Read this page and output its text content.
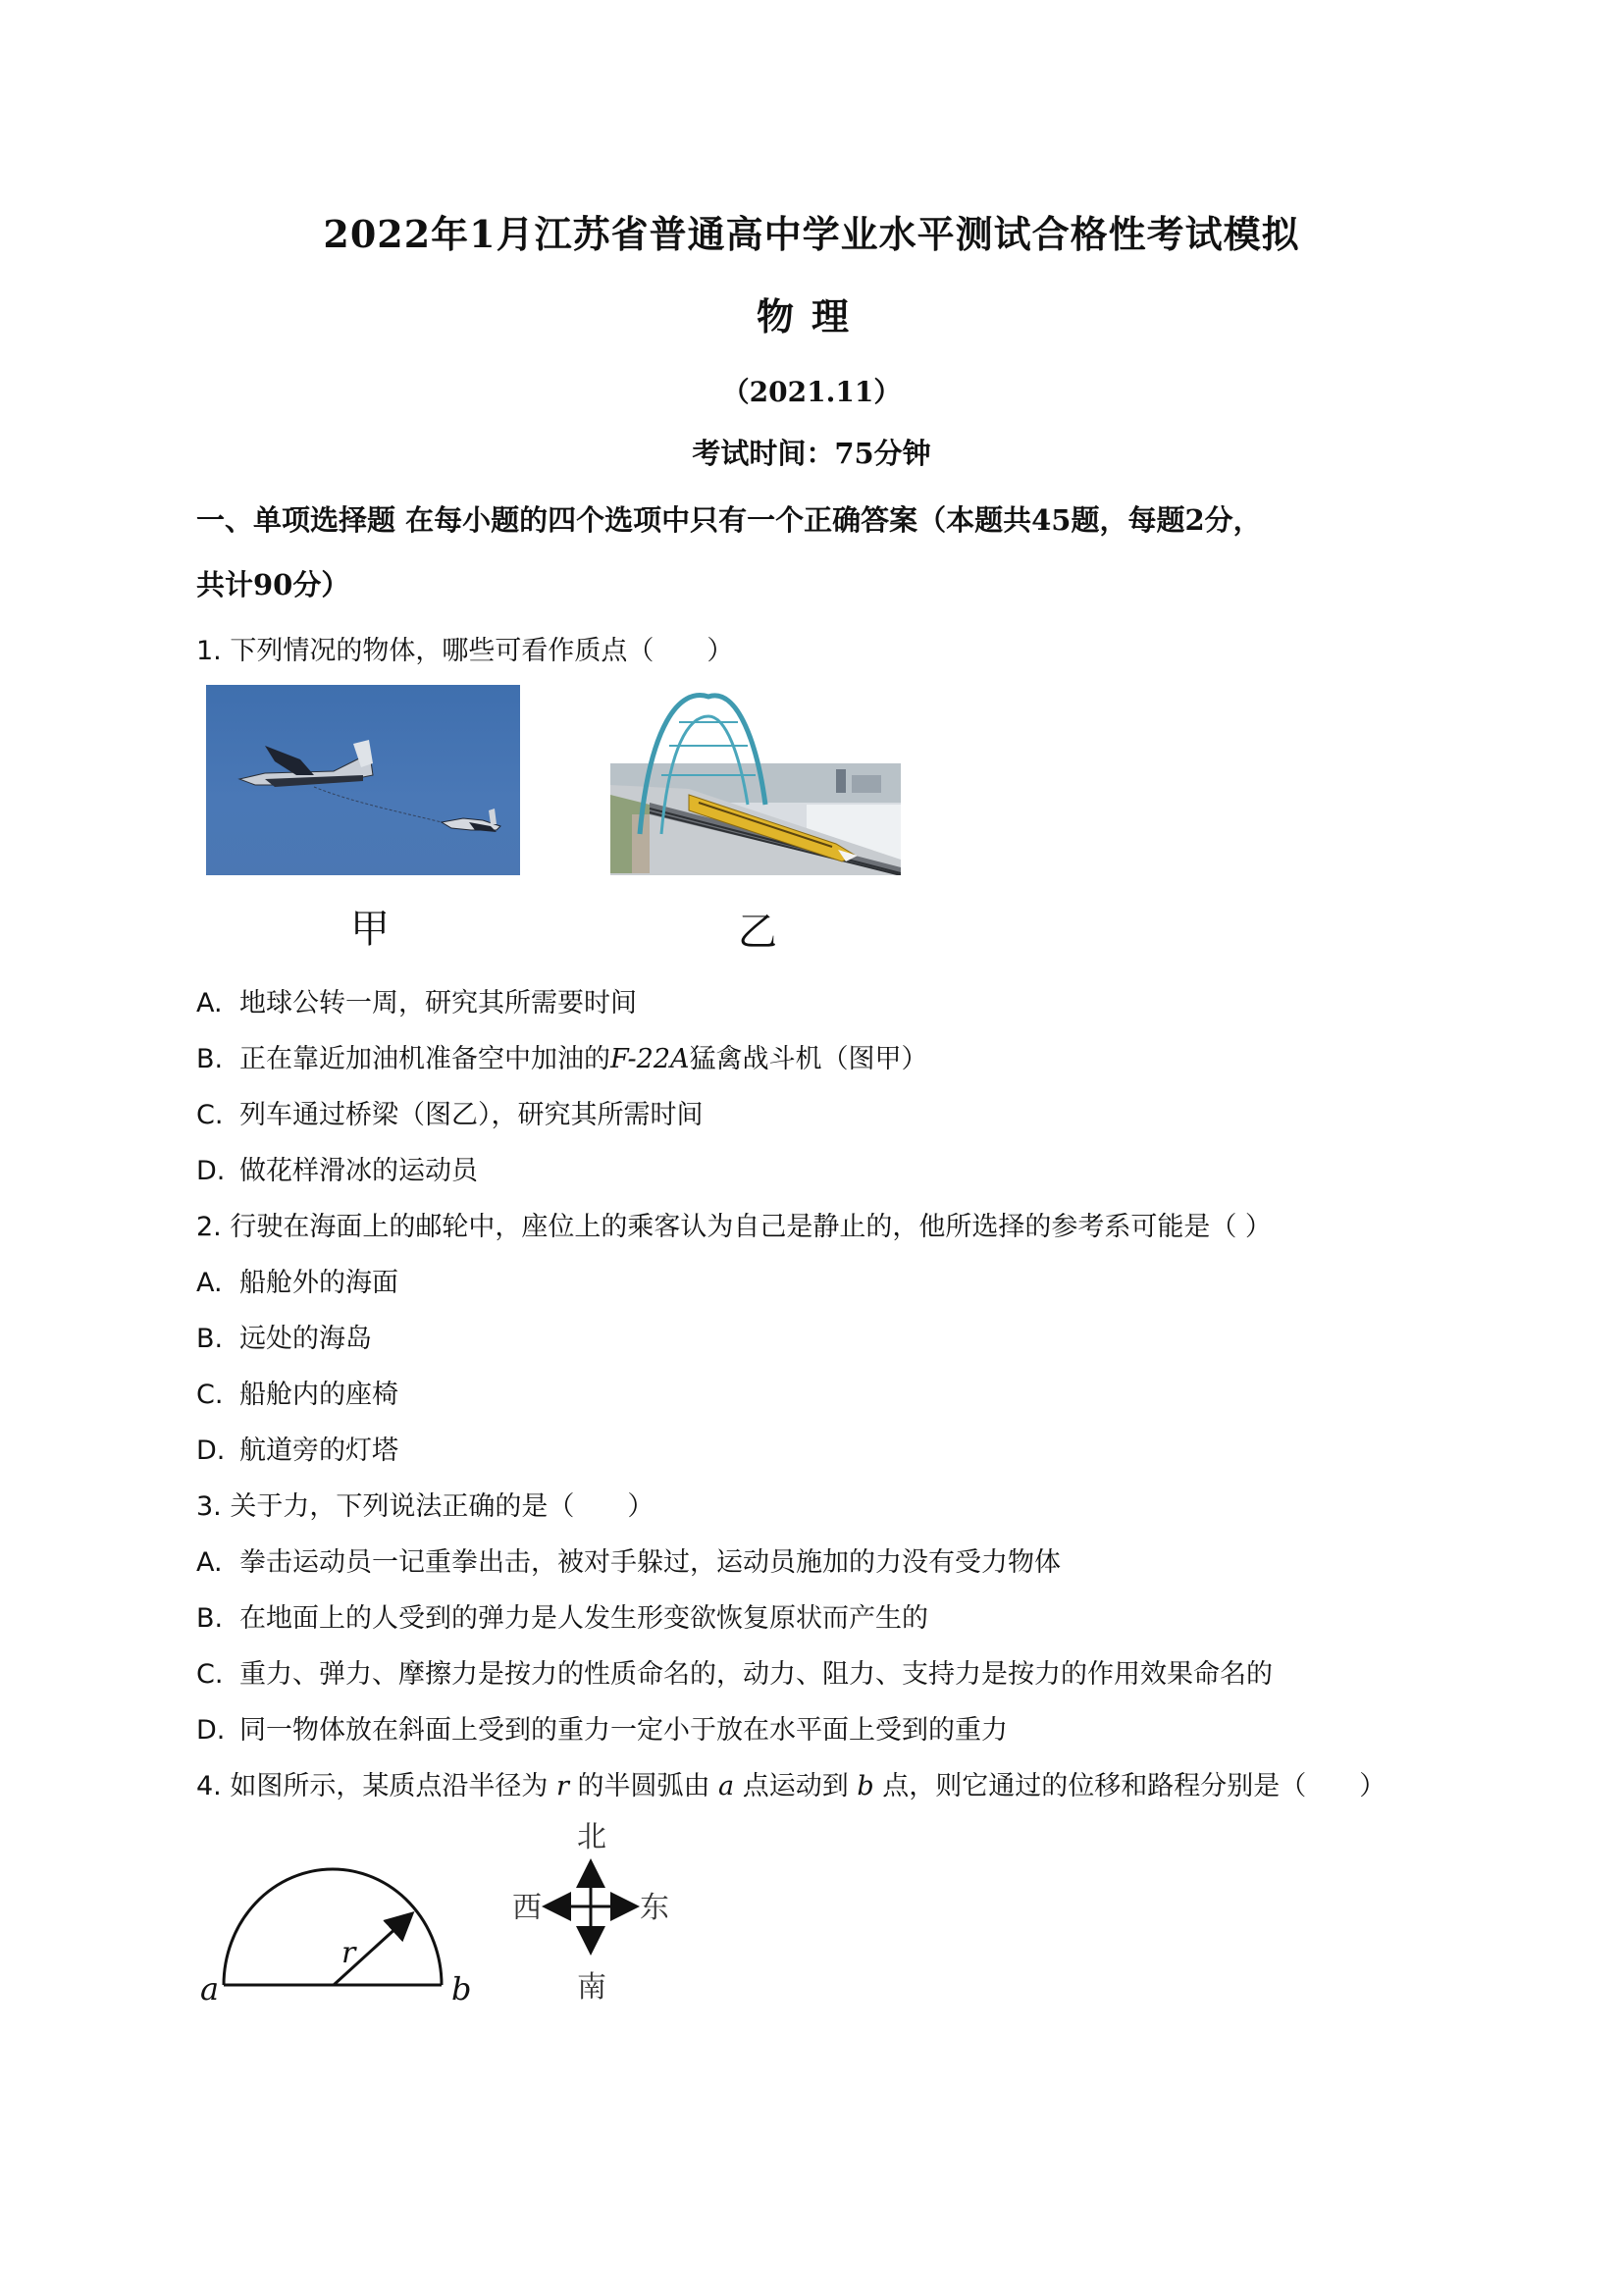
2022年1月江苏省普通高中学业水平测试合格性考试模拟
物理
（2021.11）
考试时间：75分钟
一、单项选择题 在每小题的四个选项中只有一个正确答案（本题共45题，每题2分，
共计90分）
1. 下列情况的物体，哪些可看作质点（　　）
甲	乙
A. 地球公转一周，研究其所需要时间
B. 正在靠近加油机准备空中加油的F-22A猛禽战斗机（图甲）
C. 列车通过桥梁（图乙），研究其所需时间
D. 做花样滑冰的运动员
2. 行驶在海面上的邮轮中，座位上的乘客认为自己是静止的，他所选择的参考系可能是（ ）
A. 船舱外的海面
B. 远处的海岛
C. 船舱内的座椅
D. 航道旁的灯塔
3. 关于力，下列说法正确的是（　　）
A. 拳击运动员一记重拳出击，被对手躲过，运动员施加的力没有受力物体
B. 在地面上的人受到的弹力是人发生形变欲恢复原状而产生的
C. 重力、弹力、摩擦力是按力的性质命名的，动力、阻力、支持力是按力的作用效果命名的
D. 同一物体放在斜面上受到的重力一定小于放在水平面上受到的重力
4. 如图所示，某质点沿半径为 r 的半圆弧由 a 点运动到 b 点，则它通过的位移和路程分别是（　　）
r
a	b
北
南
西	东
